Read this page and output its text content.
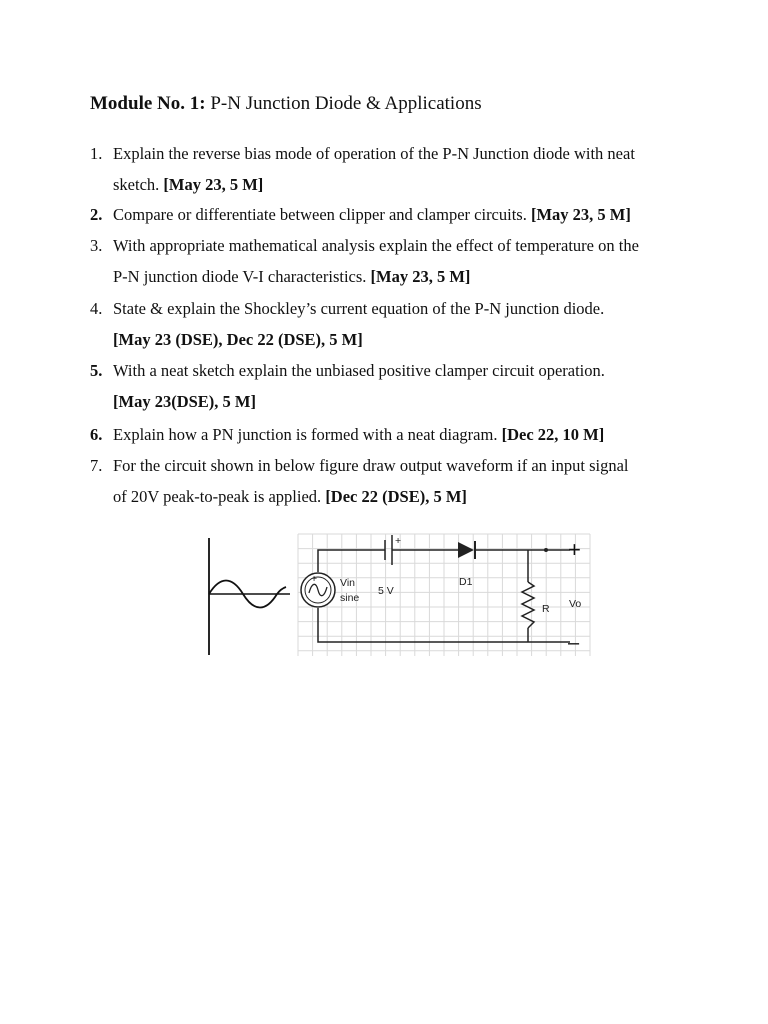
Module No. 1: P-N Junction Diode & Applications
1. Explain the reverse bias mode of operation of the P-N Junction diode with neat
sketch. [May 23, 5 M]
2. Compare or differentiate between clipper and clamper circuits. [May 23, 5 M]
3. With appropriate mathematical analysis explain the effect of temperature on the
P-N junction diode V-I characteristics. [May 23, 5 M]
4. State & explain the Shockley’s current equation of the P-N junction diode.
[May 23 (DSE), Dec 22 (DSE), 5 M]
5. With a neat sketch explain the unbiased positive clamper circuit operation.
[May 23(DSE), 5 M]
6. Explain how a PN junction is formed with a neat diagram. [Dec 22, 10 M]
7. For the circuit shown in below figure draw output waveform if an input signal
of 20V peak-to-peak is applied. [Dec 22 (DSE), 5 M]
+ Vin
sine
+
5 V
D1
R
+
Vo
–
